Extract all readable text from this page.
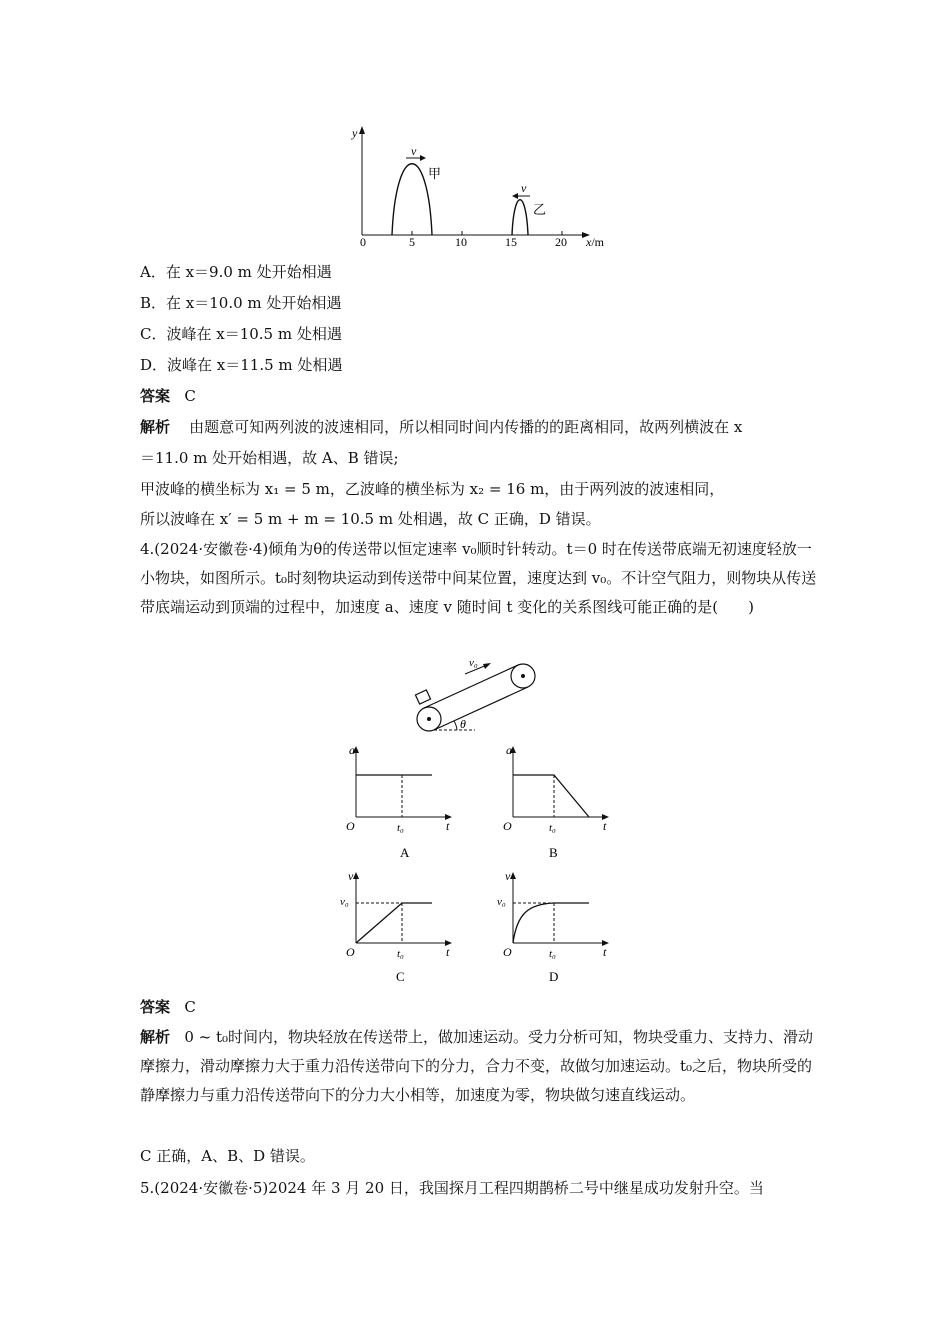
y
x/m
0	5	10	15	20
v
甲
v
乙
A．在 x＝9.0 m 处开始相遇
B．在 x＝10.0 m 处开始相遇
C．波峰在 x＝10.5 m 处相遇
D．波峰在 x＝11.5 m 处相遇
答案 C
解析 由题意可知两列波的波速相同，所以相同时间内传播的的距离相同，故两列横波在 x
＝11.0 m 处开始相遇，故 A、B 错误;
甲波峰的横坐标为 x₁ = 5 m，乙波峰的横坐标为 x₂ = 16 m，由于两列波的波速相同，
所以波峰在 x′ = 5 m + m = 10.5 m 处相遇，故 C 正确，D 错误。
4.(2024·安徽卷·4)倾角为θ的传送带以恒定速率 v₀顺时针转动。t＝0 时在传送带底端无初速度轻放一小物块，如图所示。t₀时刻物块运动到传送带中间某位置，速度达到 v₀。不计空气阻力，则物块从传送带底端运动到顶端的过程中，加速度 a、速度 v 随时间 t 变化的关系图线可能正确的是(　　)
θ
v₀
a
t
O	t₀
A
a
t
O	t₀
B
v
t
O	t₀
v₀
C
v
t
O	t₀
v₀
D
答案 C
解析 0 ~ t₀时间内，物块轻放在传送带上，做加速运动。受力分析可知，物块受重力、支持力、滑动摩擦力，滑动摩擦力大于重力沿传送带向下的分力，合力不变，故做匀加速运动。t₀之后，物块所受的静摩擦力与重力沿传送带向下的分力大小相等，加速度为零，物块做匀速直线运动。
C 正确，A、B、D 错误。
5.(2024·安徽卷·5)2024 年 3 月 20 日，我国探月工程四期鹊桥二号中继星成功发射升空。当
